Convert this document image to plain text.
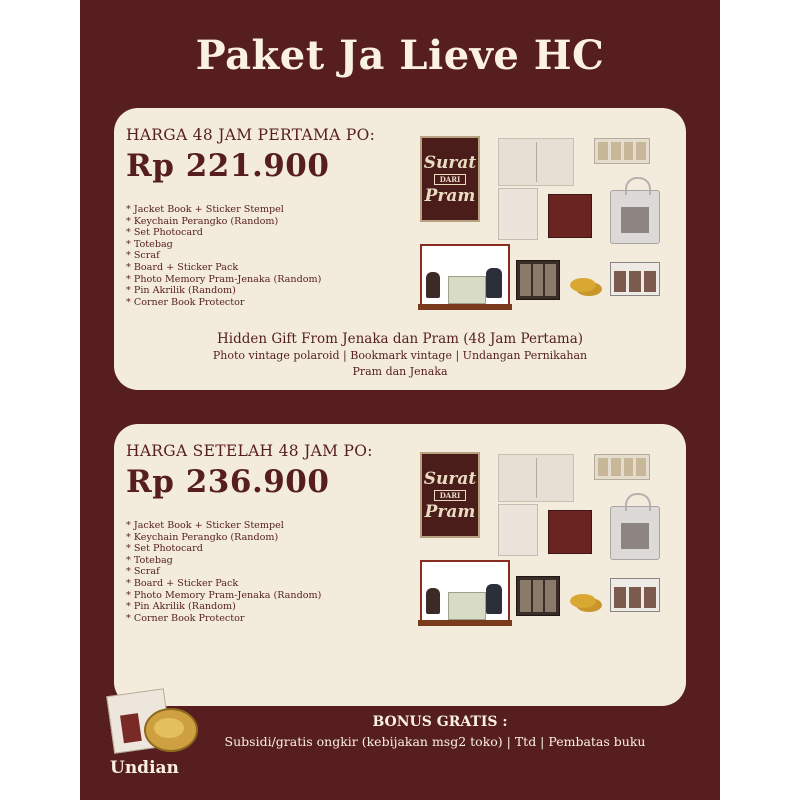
Paket Ja Lieve HC
HARGA 48 JAM PERTAMA PO:
Rp 221.900
* Jacket Book + Sticker Stempel
* Keychain Perangko (Random)
* Set Photocard
* Totebag
* Scraf
* Board + Sticker Pack
* Photo Memory Pram-Jenaka (Random)
* Pin Akrilik (Random)
* Corner Book Protector
Surat
DARI
Pram
Hidden Gift From Jenaka dan Pram (48 Jam Pertama)
Photo vintage polaroid | Bookmark vintage | Undangan Pernikahan
Pram dan Jenaka
HARGA SETELAH 48 JAM PO:
Rp 236.900
* Jacket Book + Sticker Stempel
* Keychain Perangko (Random)
* Set Photocard
* Totebag
* Scraf
* Board + Sticker Pack
* Photo Memory Pram-Jenaka (Random)
* Pin Akrilik (Random)
* Corner Book Protector
Surat
DARI
Pram
BONUS GRATIS :
Subsidi/gratis ongkir (kebijakan msg2 toko) | Ttd | Pembatas buku
Undian
